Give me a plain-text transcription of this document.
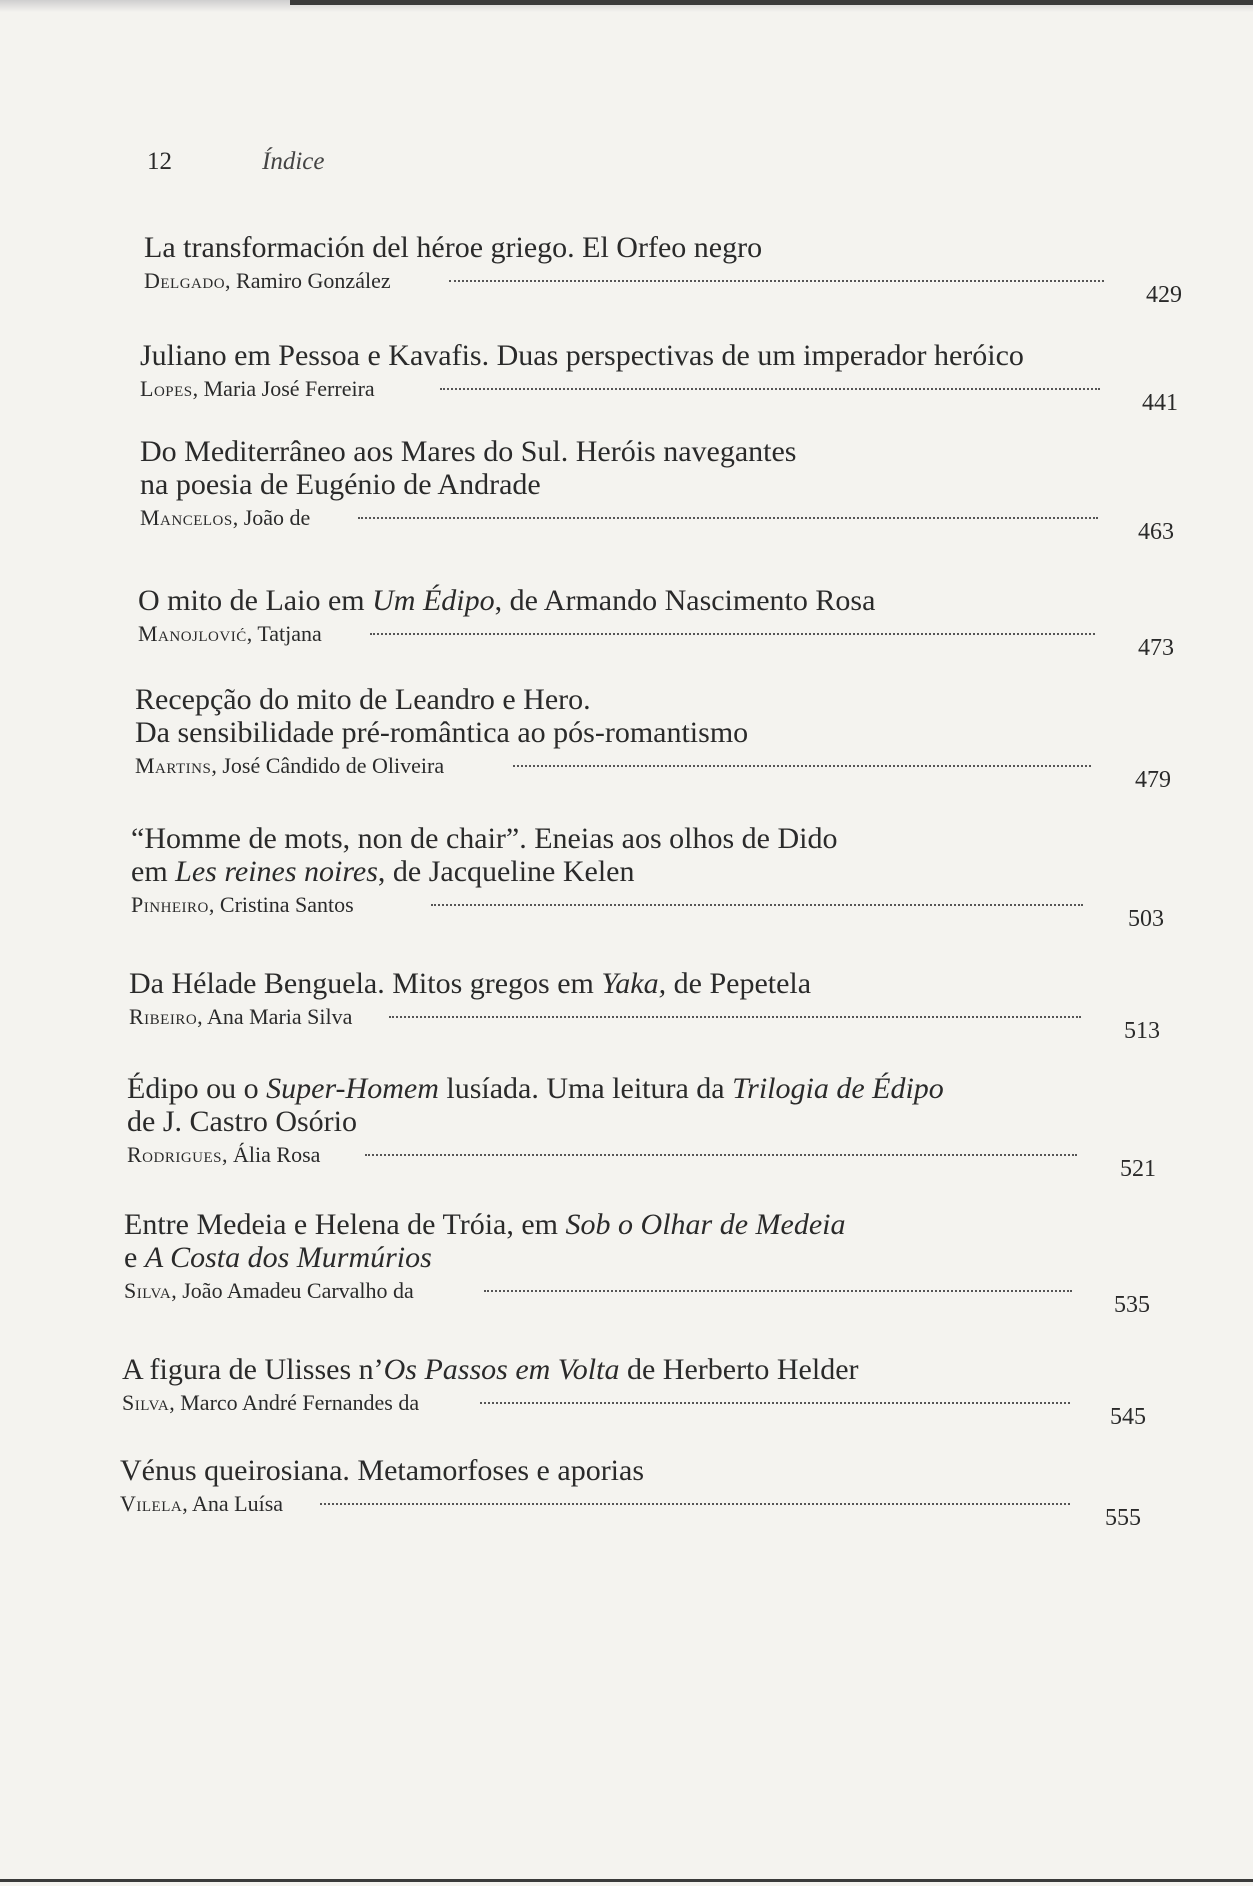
12	Índice

La transformación del héroe griego. El Orfeo negro

Delgado, Ramiro González
429

Juliano em Pessoa e Kavafis. Duas perspectivas de um imperador heróico

Lopes, Maria José Ferreira
441

Do Mediterrâneo aos Mares do Sul. Heróis navegantes
na poesia de Eugénio de Andrade

Mancelos, João de
463

O mito de Laio em Um Édipo, de Armando Nascimento Rosa

Manojlović, Tatjana
473

Recepção do mito de Leandro e Hero.
Da sensibilidade pré-romântica ao pós-romantismo

Martins, José Cândido de Oliveira
479

“Homme de mots, non de chair”. Eneias aos olhos de Dido
em Les reines noires, de Jacqueline Kelen

Pinheiro, Cristina Santos
503

Da Hélade Benguela. Mitos gregos em Yaka, de Pepetela

Ribeiro, Ana Maria Silva
513

Édipo ou o Super-Homem lusíada. Uma leitura da Trilogia de Édipo
de J. Castro Osório

Rodrigues, Ália Rosa
521

Entre Medeia e Helena de Tróia, em Sob o Olhar de Medeia
e A Costa dos Murmúrios

Silva, João Amadeu Carvalho da
535

A figura de Ulisses n’Os Passos em Volta de Herberto Helder

Silva, Marco André Fernandes da
545

Vénus queirosiana. Metamorfoses e aporias

Vilela, Ana Luísa
555
